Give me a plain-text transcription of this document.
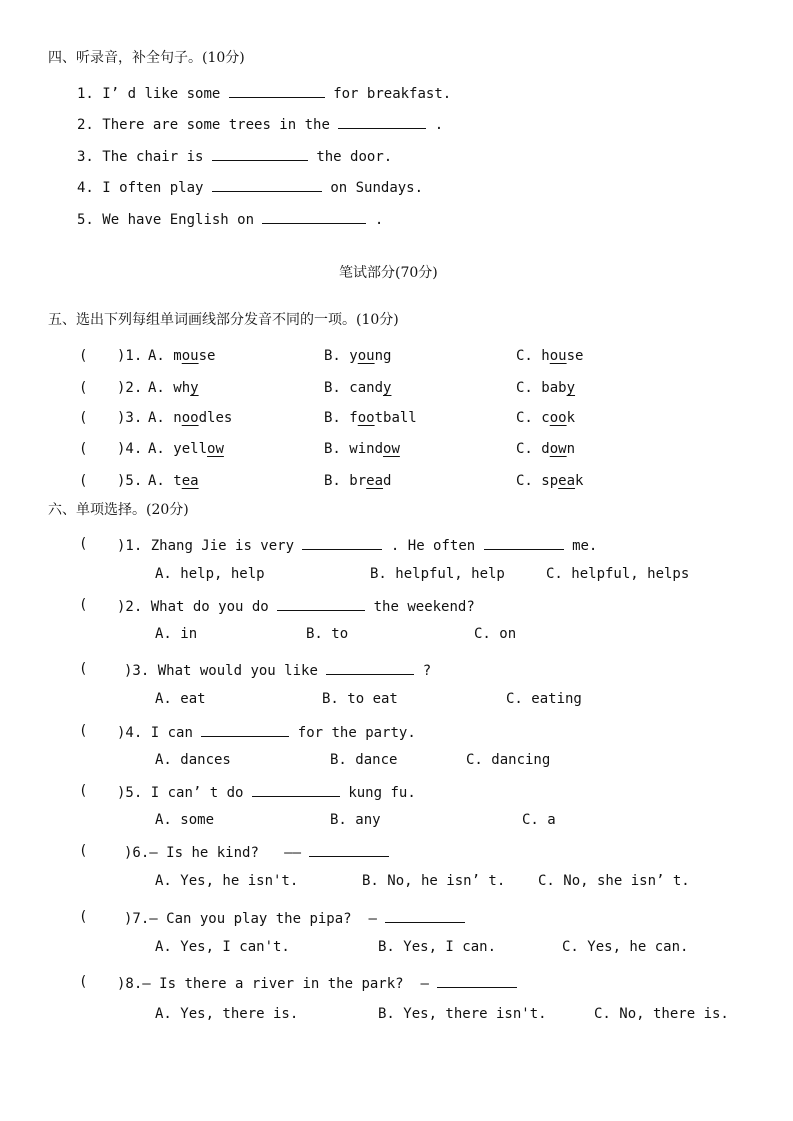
四、听录音，补全句子。(10分)
1. I’ d like some	for breakfast.
2. There are some trees in the	.
3. The chair is	the door.
4. I often play	on Sundays.
5. We have English on	.
笔试部分(70分)
五、选出下列每组单词画线部分发音不同的一项。(10分)
( )1. A. mouse	B. young	C. house
( )2. A. why	B. candy	C. baby
( )3. A. noodles	B. football	C. cook
( )4. A. yellow	B. window	C. down
( )5. A. tea	B. bread	C. speak
六、单项选择。(20分)
( )1. Zhang Jie is very	. He often	me.
A. help, help	B. helpful, help	C. helpful, helps
( )2. What do you do	the weekend?
A. in	B. to	C. on
(	)3. What would you like	?
A. eat	B. to eat	C. eating
( )4. I can	for the party.
A. dances	B. dance	C. dancing
( )5. I can’ t do	kung fu.
A. some	B. any	C. a
(	)6.— Is he kind? ——
A. Yes, he isn't.	B. No, he isn’ t. C. No, she isn’ t.
(	)7.— Can you play the pipa? —
A. Yes, I can't.	B. Yes, I can.	C. Yes, he can.
( )8.— Is there a river in the park? —
A. Yes, there is.	B. Yes, there isn't.	C. No, there is.
